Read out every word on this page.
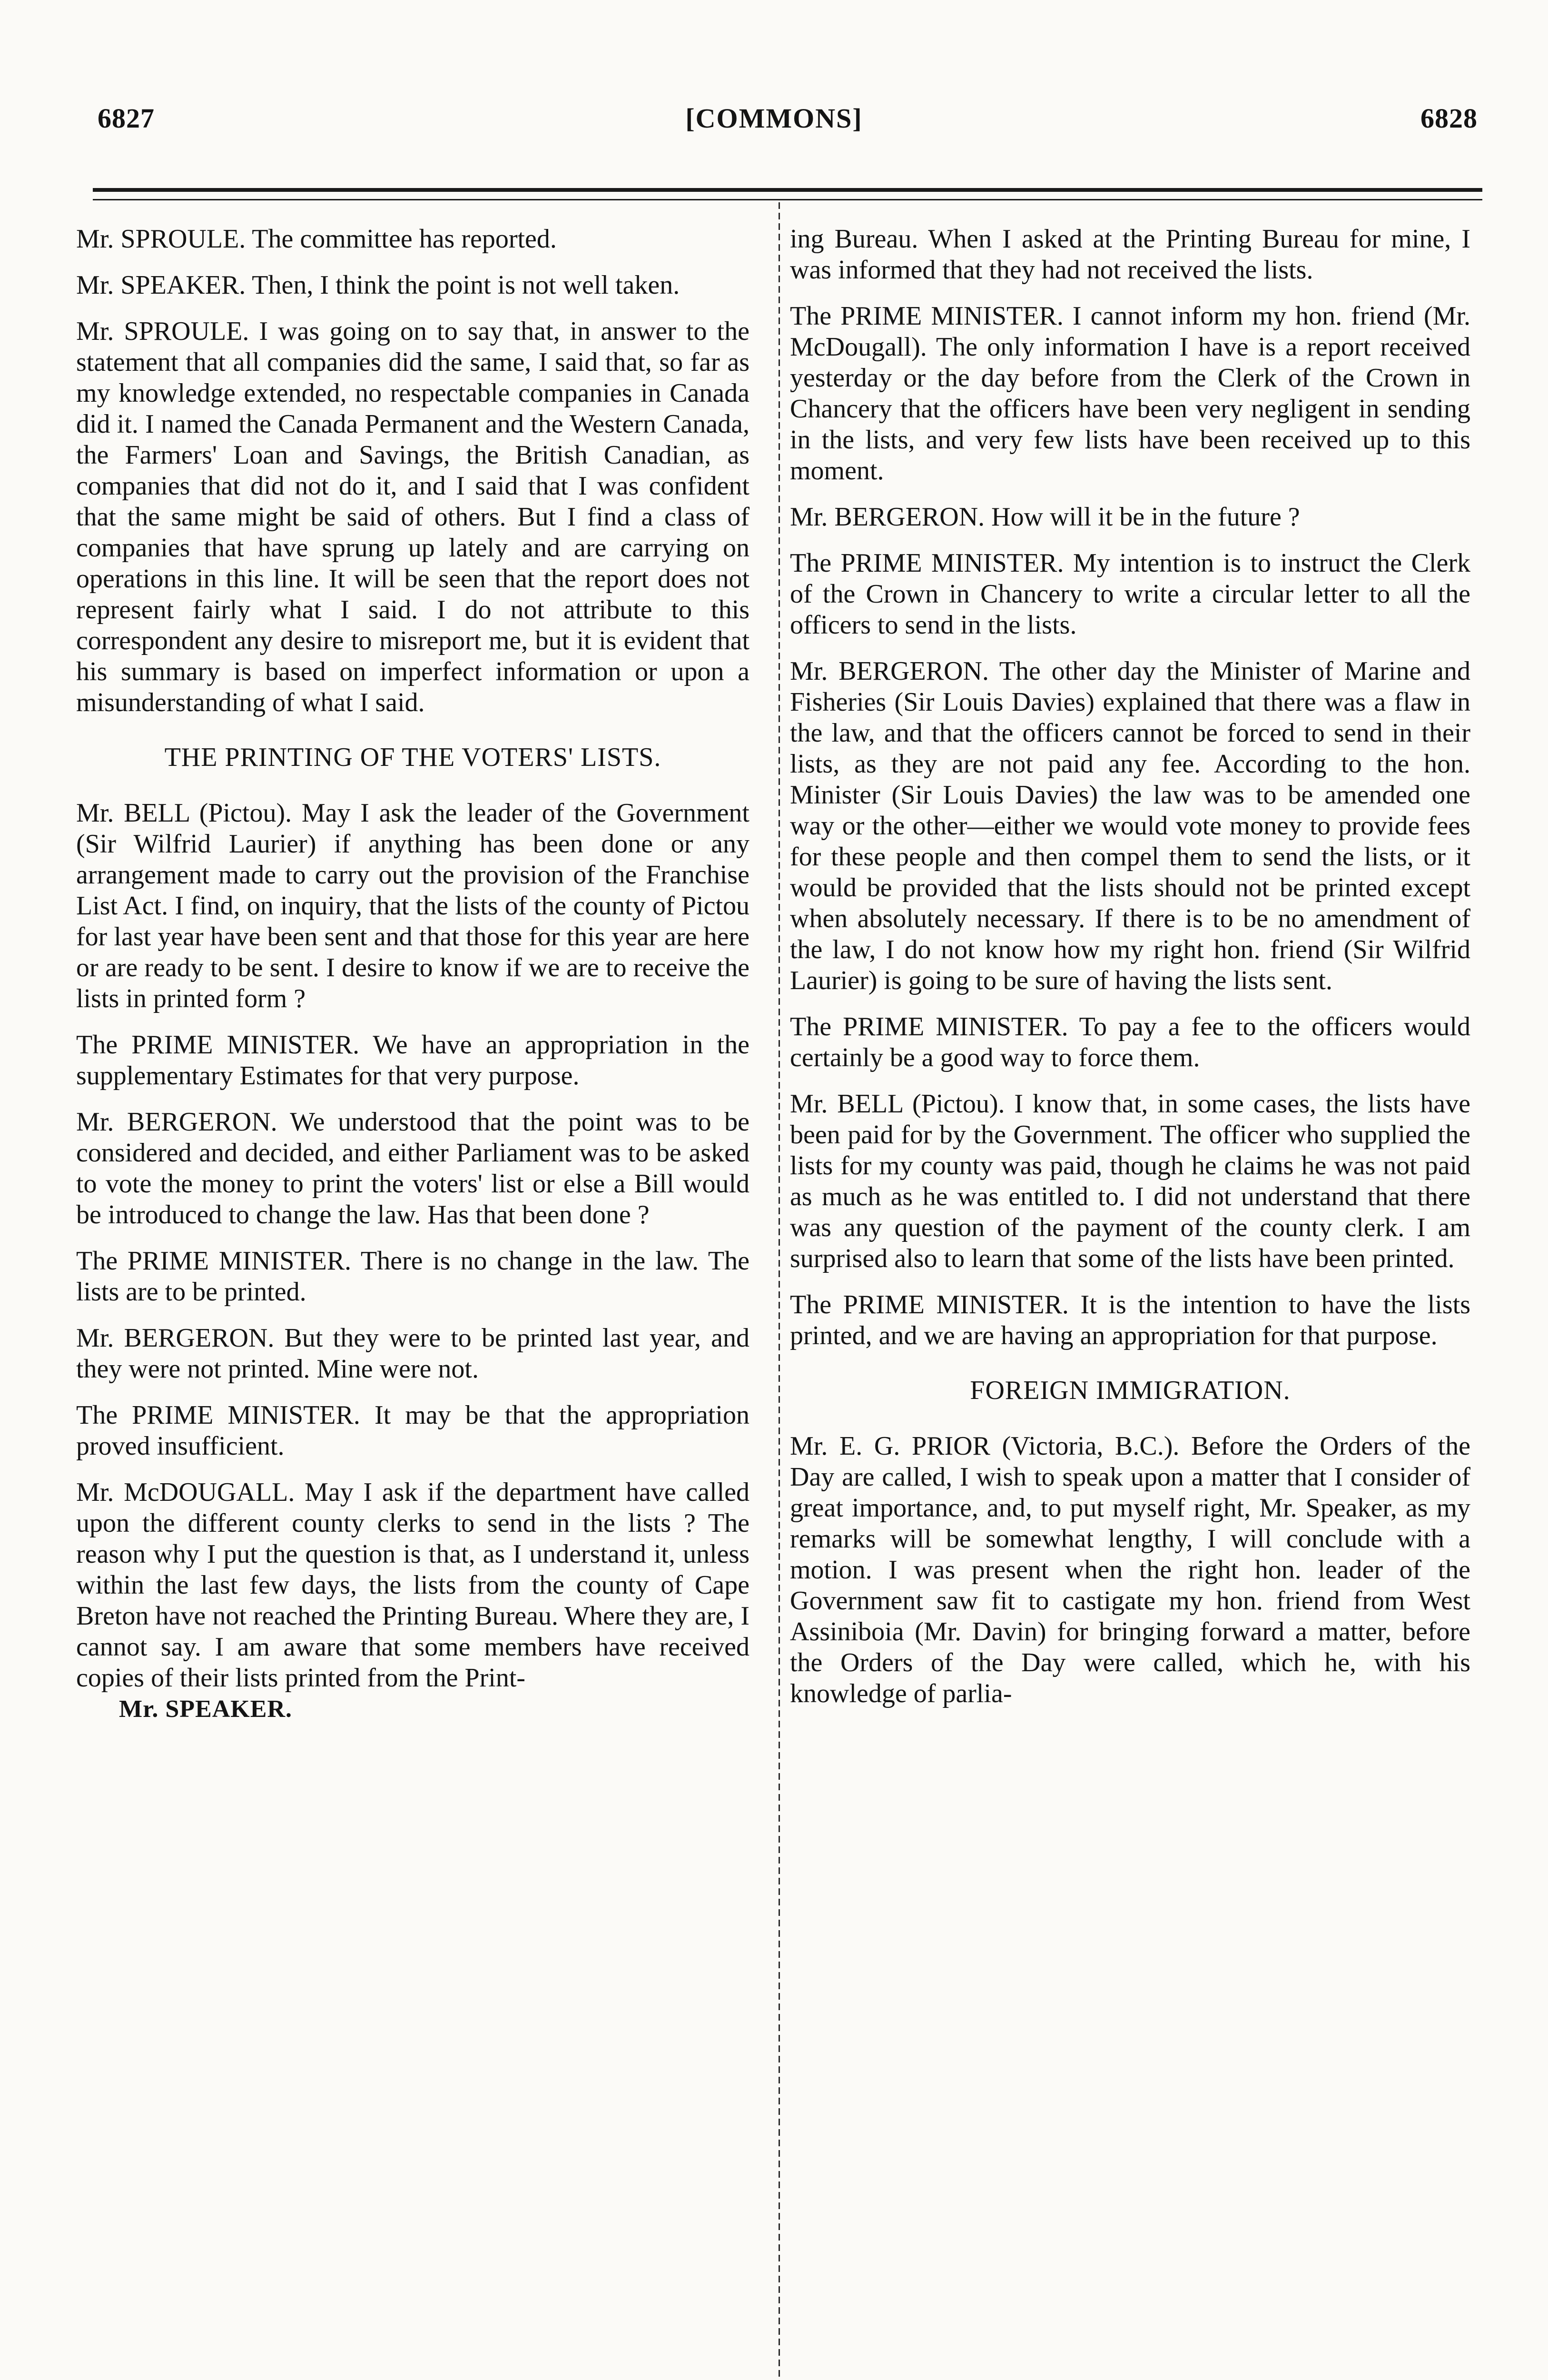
6827	[COMMONS]	6828

Mr. SPROULE. The committee has reported.

Mr. SPEAKER. Then, I think the point is not well taken.

Mr. SPROULE. I was going on to say that, in answer to the statement that all companies did the same, I said that, so far as my knowledge extended, no respectable companies in Canada did it. I named the Canada Permanent and the Western Canada, the Farmers' Loan and Savings, the British Canadian, as companies that did not do it, and I said that I was confident that the same might be said of others. But I find a class of companies that have sprung up lately and are carrying on operations in this line. It will be seen that the report does not represent fairly what I said. I do not attribute to this correspondent any desire to misreport me, but it is evident that his summary is based on imperfect information or upon a misunderstanding of what I said.

THE PRINTING OF THE VOTERS' LISTS.

Mr. BELL (Pictou). May I ask the leader of the Government (Sir Wilfrid Laurier) if anything has been done or any arrangement made to carry out the provision of the Franchise List Act. I find, on inquiry, that the lists of the county of Pictou for last year have been sent and that those for this year are here or are ready to be sent. I desire to know if we are to receive the lists in printed form ?

The PRIME MINISTER. We have an appropriation in the supplementary Estimates for that very purpose.

Mr. BERGERON. We understood that the point was to be considered and decided, and either Parliament was to be asked to vote the money to print the voters' list or else a Bill would be introduced to change the law. Has that been done ?

The PRIME MINISTER. There is no change in the law. The lists are to be printed.

Mr. BERGERON. But they were to be printed last year, and they were not printed. Mine were not.

The PRIME MINISTER. It may be that the appropriation proved insufficient.

Mr. McDOUGALL. May I ask if the department have called upon the different county clerks to send in the lists ? The reason why I put the question is that, as I understand it, unless within the last few days, the lists from the county of Cape Breton have not reached the Printing Bureau. Where they are, I cannot say. I am aware that some members have received copies of their lists printed from the Print-

Mr. SPEAKER.

ing Bureau. When I asked at the Printing Bureau for mine, I was informed that they had not received the lists.

The PRIME MINISTER. I cannot inform my hon. friend (Mr. McDougall). The only information I have is a report received yesterday or the day before from the Clerk of the Crown in Chancery that the officers have been very negligent in sending in the lists, and very few lists have been received up to this moment.

Mr. BERGERON. How will it be in the future ?

The PRIME MINISTER. My intention is to instruct the Clerk of the Crown in Chancery to write a circular letter to all the officers to send in the lists.

Mr. BERGERON. The other day the Minister of Marine and Fisheries (Sir Louis Davies) explained that there was a flaw in the law, and that the officers cannot be forced to send in their lists, as they are not paid any fee. According to the hon. Minister (Sir Louis Davies) the law was to be amended one way or the other—either we would vote money to provide fees for these people and then compel them to send the lists, or it would be provided that the lists should not be printed except when absolutely necessary. If there is to be no amendment of the law, I do not know how my right hon. friend (Sir Wilfrid Laurier) is going to be sure of having the lists sent.

The PRIME MINISTER. To pay a fee to the officers would certainly be a good way to force them.

Mr. BELL (Pictou). I know that, in some cases, the lists have been paid for by the Government. The officer who supplied the lists for my county was paid, though he claims he was not paid as much as he was entitled to. I did not understand that there was any question of the payment of the county clerk. I am surprised also to learn that some of the lists have been printed.

The PRIME MINISTER. It is the intention to have the lists printed, and we are having an appropriation for that purpose.

FOREIGN IMMIGRATION.

Mr. E. G. PRIOR (Victoria, B.C.). Before the Orders of the Day are called, I wish to speak upon a matter that I consider of great importance, and, to put myself right, Mr. Speaker, as my remarks will be somewhat lengthy, I will conclude with a motion. I was present when the right hon. leader of the Government saw fit to castigate my hon. friend from West Assiniboia (Mr. Davin) for bringing forward a matter, before the Orders of the Day were called, which he, with his knowledge of parlia-
